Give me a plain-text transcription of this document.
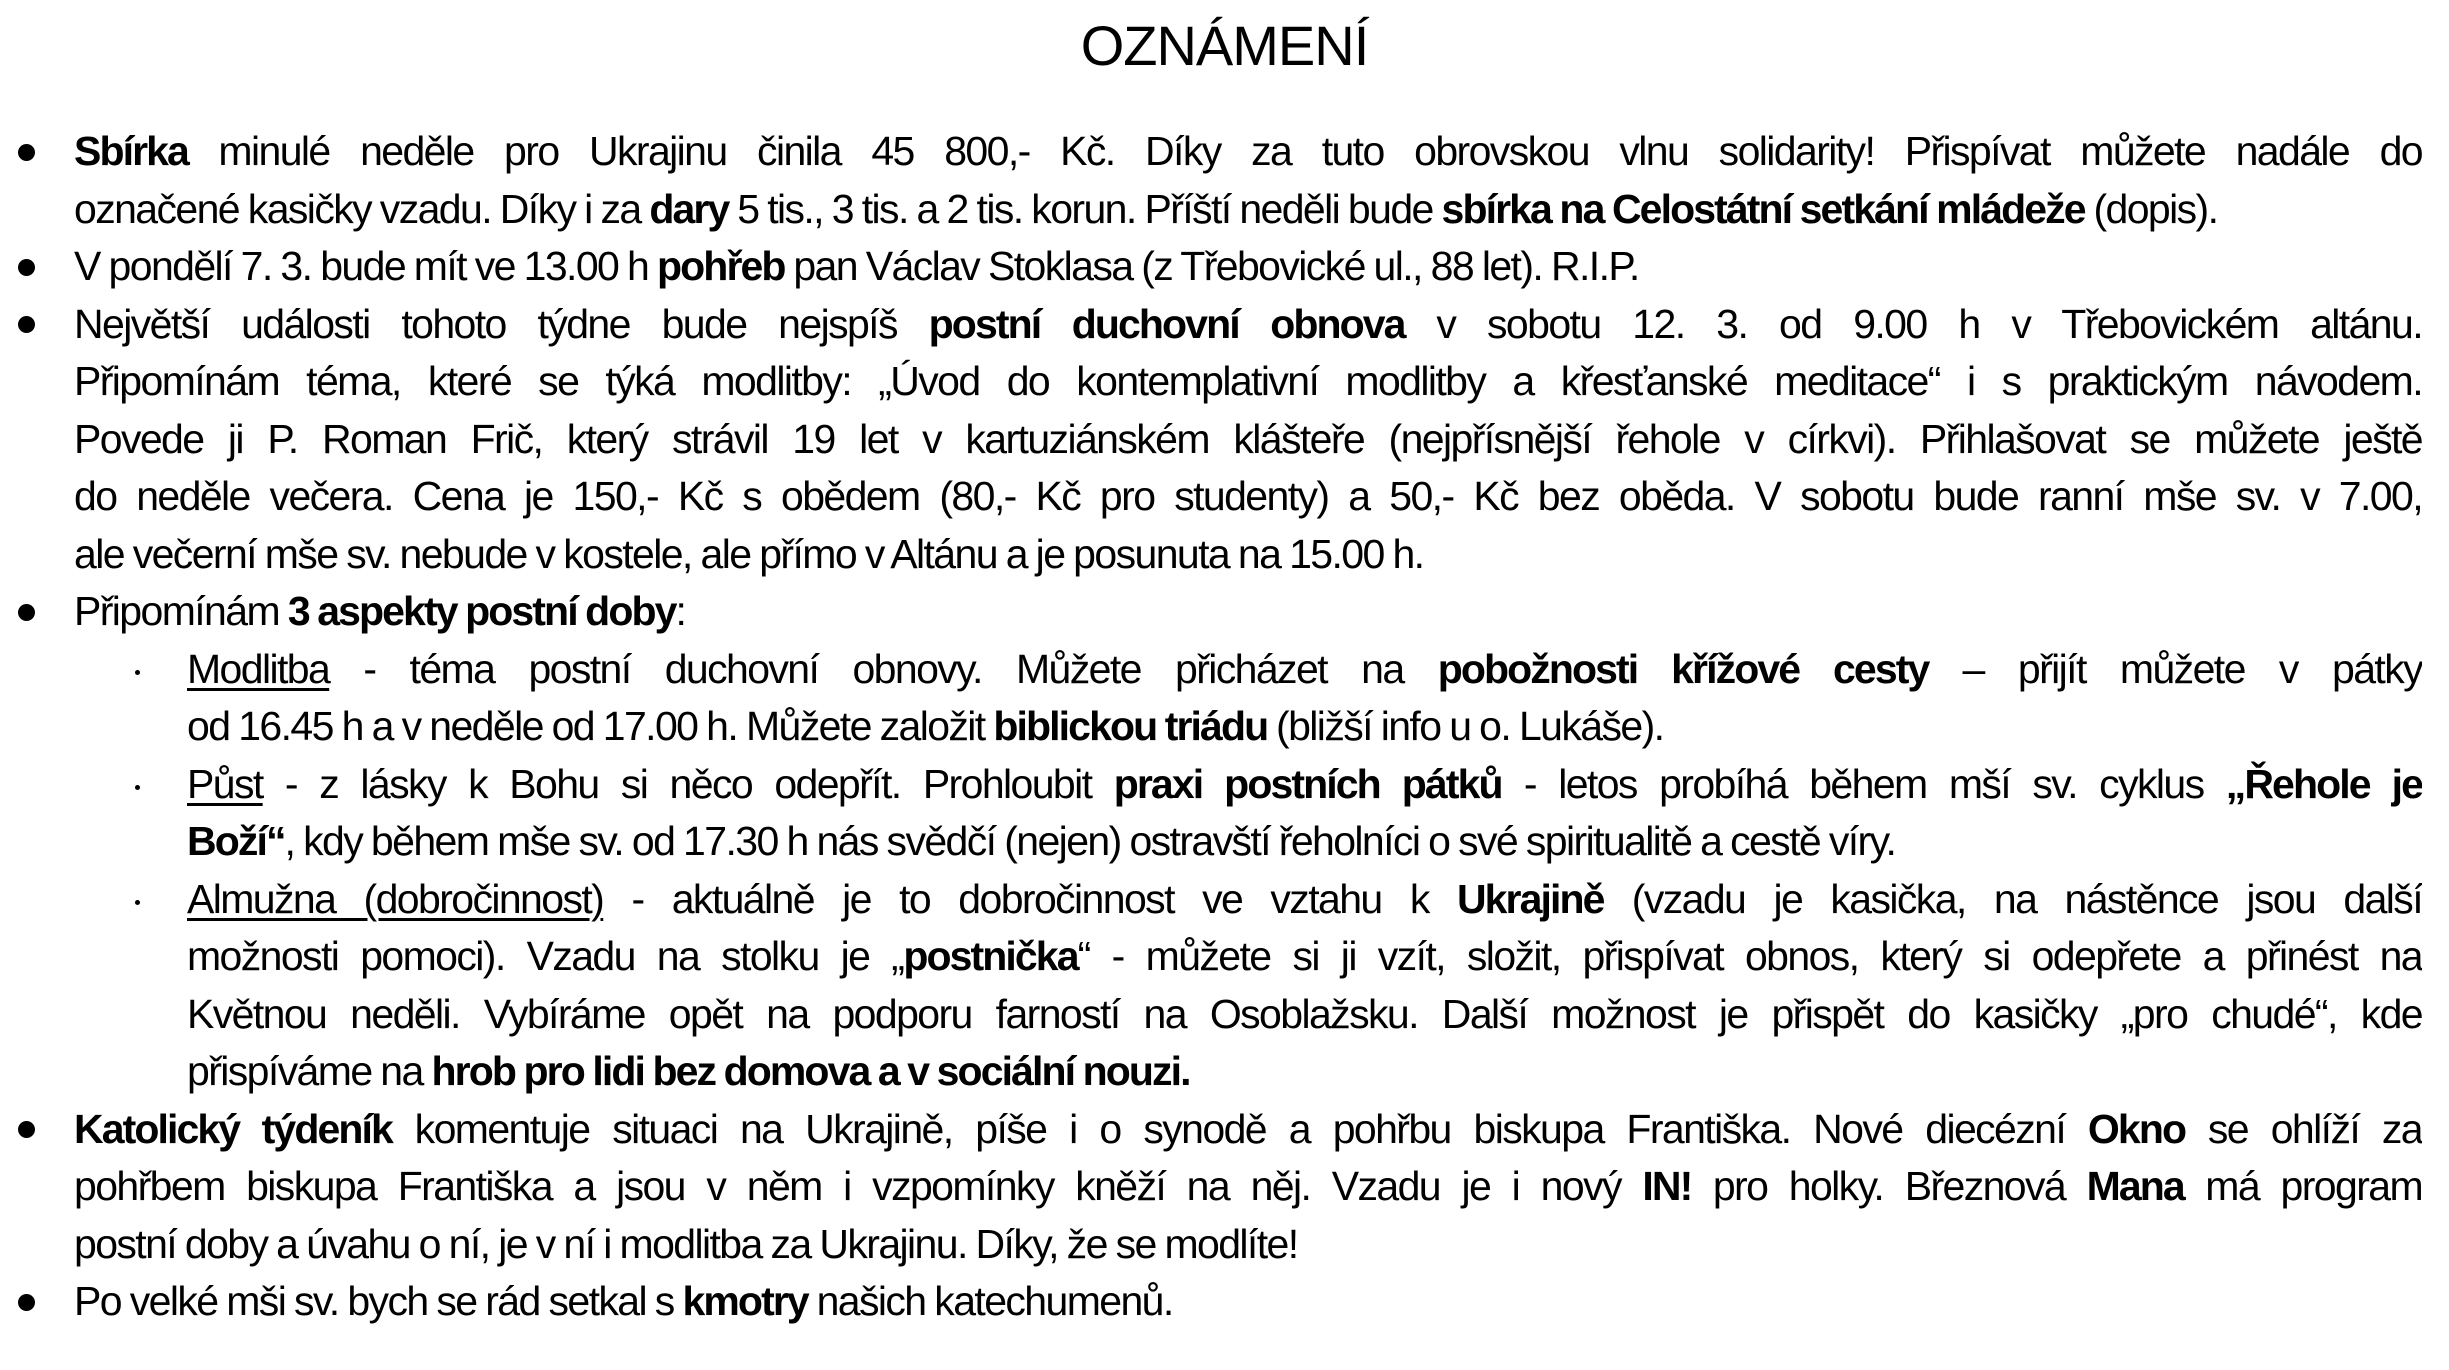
OZNÁMENÍ
Sbírka minulé neděle pro Ukrajinu činila 45 800,- Kč. Díky za tuto obrovskou vlnu solidarity! Přispívat můžete nadále do
označené kasičky vzadu. Díky i za dary 5 tis., 3 tis. a 2 tis. korun. Příští neděli bude sbírka na Celostátní setkání mládeže (dopis).
V pondělí 7. 3. bude mít ve 13.00 h pohřeb pan Václav Stoklasa (z Třebovické ul., 88 let). R.I.P.
Největší události tohoto týdne bude nejspíš postní duchovní obnova v sobotu 12. 3. od 9.00 h v Třebovickém altánu.
Připomínám téma, které se týká modlitby: „Úvod do kontemplativní modlitby a křesťanské meditace“ i s praktickým návodem.
Povede ji P. Roman Frič, který strávil 19 let v kartuziánském klášteře (nejpřísnější řehole v církvi). Přihlašovat se můžete ještě
do neděle večera. Cena je 150,- Kč s obědem (80,- Kč pro studenty) a 50,- Kč bez oběda. V sobotu bude ranní mše sv. v 7.00,
ale večerní mše sv. nebude v kostele, ale přímo v Altánu a je posunuta na 15.00 h.
Připomínám 3 aspekty postní doby:
Modlitba - téma postní duchovní obnovy. Můžete přicházet na pobožnosti křížové cesty – přijít můžete v pátky
od 16.45 h a v neděle od 17.00 h. Můžete založit biblickou triádu (bližší info u o. Lukáše).
Půst - z lásky k Bohu si něco odepřít. Prohloubit praxi postních pátků - letos probíhá během mší sv. cyklus „Řehole je
Boží“, kdy během mše sv. od 17.30 h nás svědčí (nejen) ostravští řeholníci o své spiritualitě a cestě víry.
Almužna (dobročinnost) - aktuálně je to dobročinnost ve vztahu k Ukrajině (vzadu je kasička, na nástěnce jsou další
možnosti pomoci). Vzadu na stolku je „postnička“ - můžete si ji vzít, složit, přispívat obnos, který si odepřete a přinést na
Květnou neděli. Vybíráme opět na podporu farností na Osoblažsku. Další možnost je přispět do kasičky „pro chudé“, kde
přispíváme na hrob pro lidi bez domova a v sociální nouzi.
Katolický týdeník komentuje situaci na Ukrajině, píše i o synodě a pohřbu biskupa Františka. Nové diecézní Okno se ohlíží za
pohřbem biskupa Františka a jsou v něm i vzpomínky kněží na něj. Vzadu je i nový IN! pro holky. Březnová Mana má program
postní doby a úvahu o ní, je v ní i modlitba za Ukrajinu. Díky, že se modlíte!
Po velké mši sv. bych se rád setkal s kmotry našich katechumenů.
